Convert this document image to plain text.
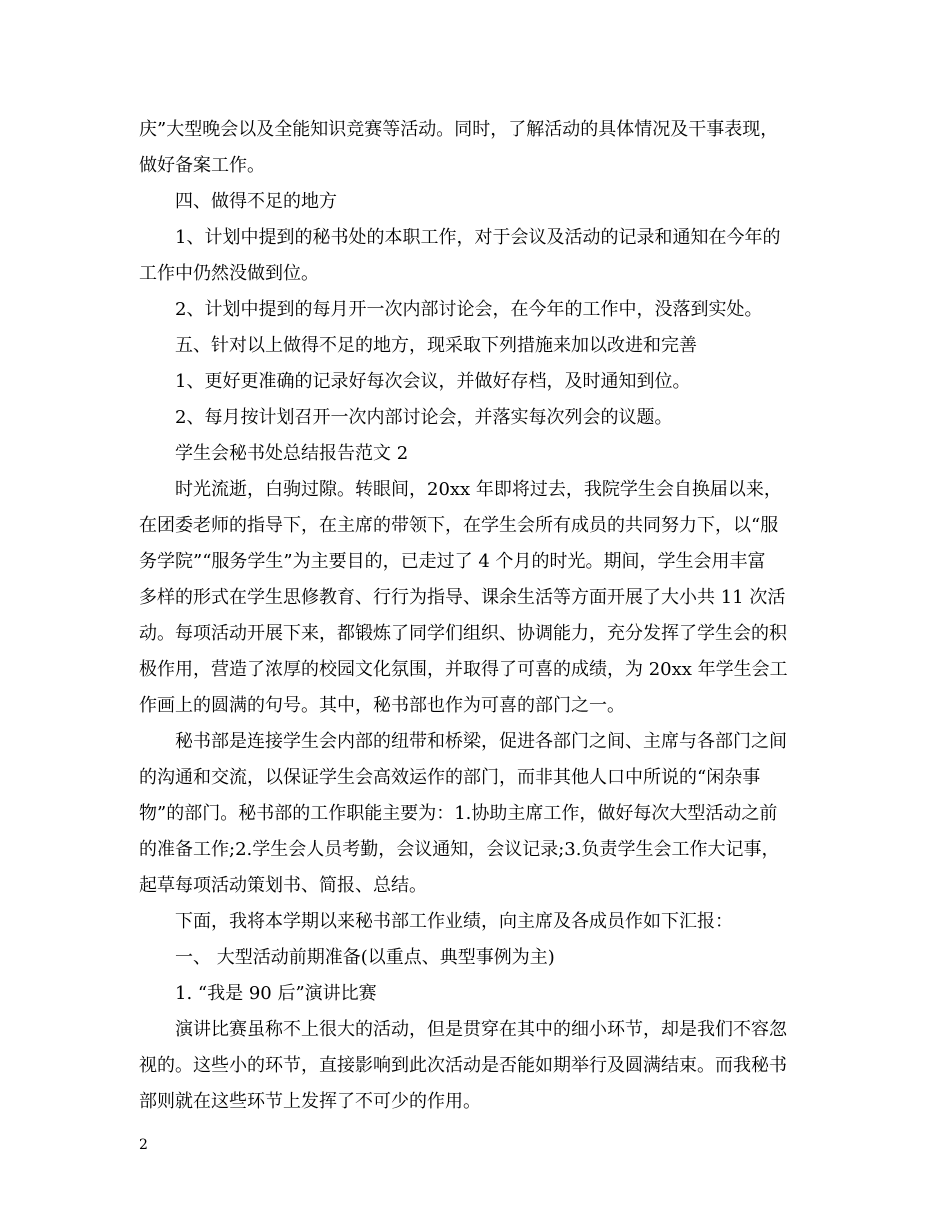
庆”大型晚会以及全能知识竞赛等活动。同时，了解活动的具体情况及干事表现，
做好备案工作。
四、做得不足的地方
1、计划中提到的秘书处的本职工作，对于会议及活动的记录和通知在今年的
工作中仍然没做到位。
2、计划中提到的每月开一次内部讨论会，在今年的工作中，没落到实处。
五、针对以上做得不足的地方，现采取下列措施来加以改进和完善
1、更好更准确的记录好每次会议，并做好存档，及时通知到位。
2、每月按计划召开一次内部讨论会，并落实每次列会的议题。
学生会秘书处总结报告范文 2
时光流逝，白驹过隙。转眼间，20xx 年即将过去，我院学生会自换届以来，
在团委老师的指导下，在主席的带领下，在学生会所有成员的共同努力下，以“服
务学院”“服务学生”为主要目的，已走过了 4 个月的时光。期间，学生会用丰富
多样的形式在学生思修教育、行行为指导、课余生活等方面开展了大小共 11 次活
动。每项活动开展下来，都锻炼了同学们组织、协调能力，充分发挥了学生会的积
极作用，营造了浓厚的校园文化氛围，并取得了可喜的成绩，为 20xx 年学生会工
作画上的圆满的句号。其中，秘书部也作为可喜的部门之一。
秘书部是连接学生会内部的纽带和桥梁，促进各部门之间、主席与各部门之间
的沟通和交流，以保证学生会高效运作的部门，而非其他人口中所说的“闲杂事
物”的部门。秘书部的工作职能主要为：1.协助主席工作，做好每次大型活动之前
的准备工作;2.学生会人员考勤，会议通知，会议记录;3.负责学生会工作大记事，
起草每项活动策划书、简报、总结。
下面，我将本学期以来秘书部工作业绩，向主席及各成员作如下汇报：
一、 大型活动前期准备(以重点、典型事例为主)
1. “我是 90 后”演讲比赛
演讲比赛虽称不上很大的活动，但是贯穿在其中的细小环节，却是我们不容忽
视的。这些小的环节，直接影响到此次活动是否能如期举行及圆满结束。而我秘书
部则就在这些环节上发挥了不可少的作用。
2
